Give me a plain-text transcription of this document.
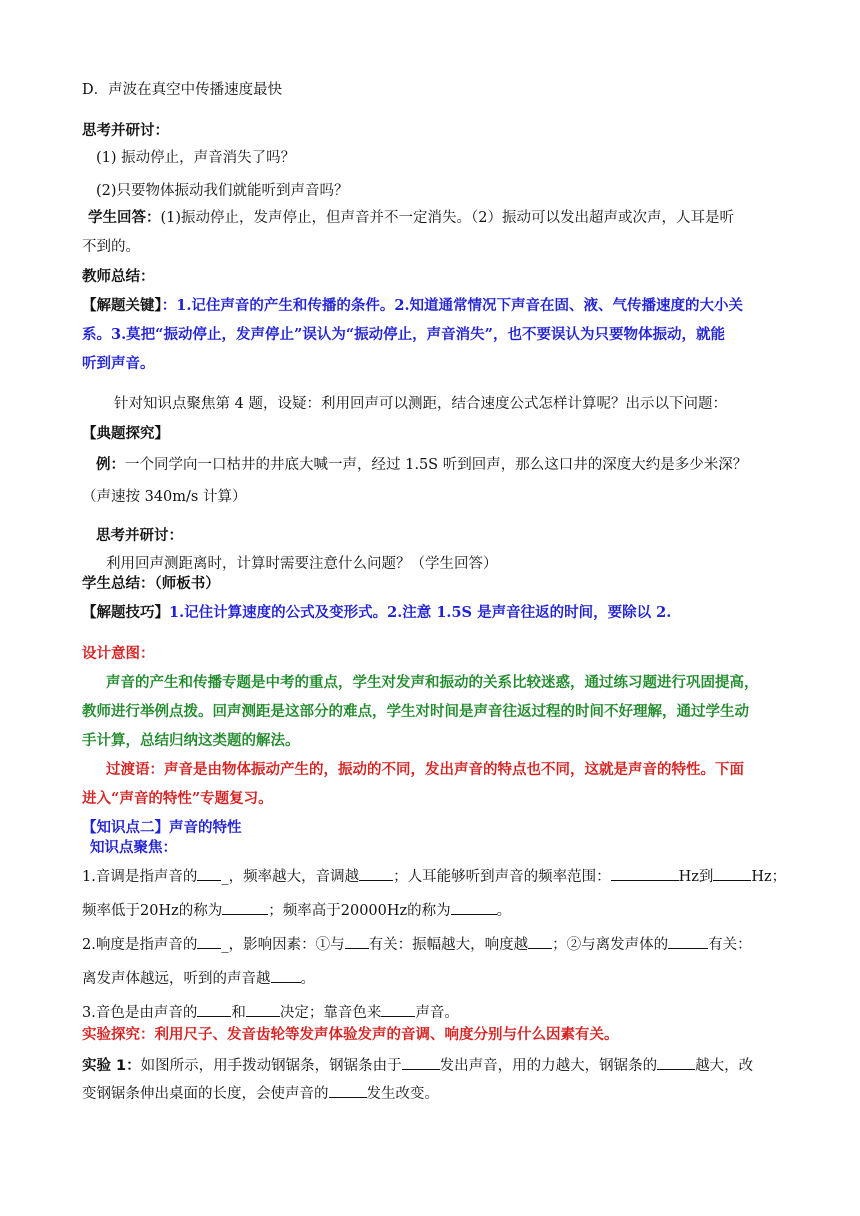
D．声波在真空中传播速度最快
思考并研讨：
(1) 振动停止，声音消失了吗？
(2)只要物体振动我们就能听到声音吗？
学生回答：(1)振动停止，发声停止，但声音并不一定消失。（2）振动可以发出超声或次声，人耳是听
不到的。
教师总结：
【解题关键】：1.记住声音的产生和传播的条件。2.知道通常情况下声音在固、液、气传播速度的大小关
系。3.莫把“振动停止，发声停止”误认为“振动停止，声音消失”，也不要误认为只要物体振动，就能
听到声音。
针对知识点聚焦第 4 题，设疑：利用回声可以测距，结合速度公式怎样计算呢？出示以下问题：
【典题探究】
例：一个同学向一口枯井的井底大喊一声，经过 1.5S 听到回声，那么这口井的深度大约是多少米深？
（声速按 340m/s 计算）
思考并研讨：
利用回声测距离时，计算时需要注意什么问题？（学生回答）
学生总结：（师板书）
【解题技巧】1.记住计算速度的公式及变形式。2.注意 1.5S 是声音往返的时间，要除以 2.
设计意图：
声音的产生和传播专题是中考的重点，学生对发声和振动的关系比较迷惑，通过练习题进行巩固提高，
教师进行举例点拨。回声测距是这部分的难点，学生对时间是声音往返过程的时间不好理解，通过学生动
手计算，总结归纳这类题的解法。
过渡语：声音是由物体振动产生的，振动的不同，发出声音的特点也不同，这就是声音的特性。下面
进入“声音的特性”专题复习。
【知识点二】声音的特性
知识点聚焦：
1.音调是指声音的 _，频率越大，音调越 ；人耳能够听到声音的频率范围：	Hz到	Hz；
频率低于20Hz的称为	；频率高于20000Hz的称为	。
2.响度是指声音的 _，影响因素：①与 有关：振幅越大，响度越 ；②与离发声体的	有关：
离发声体越远，听到的声音越 。
3.音色是由声音的 和 决定；靠音色来 声音。
实验探究：利用尺子、发音齿轮等发声体验发声的音调、响度分别与什么因素有关。
实验 1：如图所示，用手拨动钢锯条，钢锯条由于	发出声音，用的力越大，钢锯条的	越大，改
变钢锯条伸出桌面的长度，会使声音的	发生改变。
